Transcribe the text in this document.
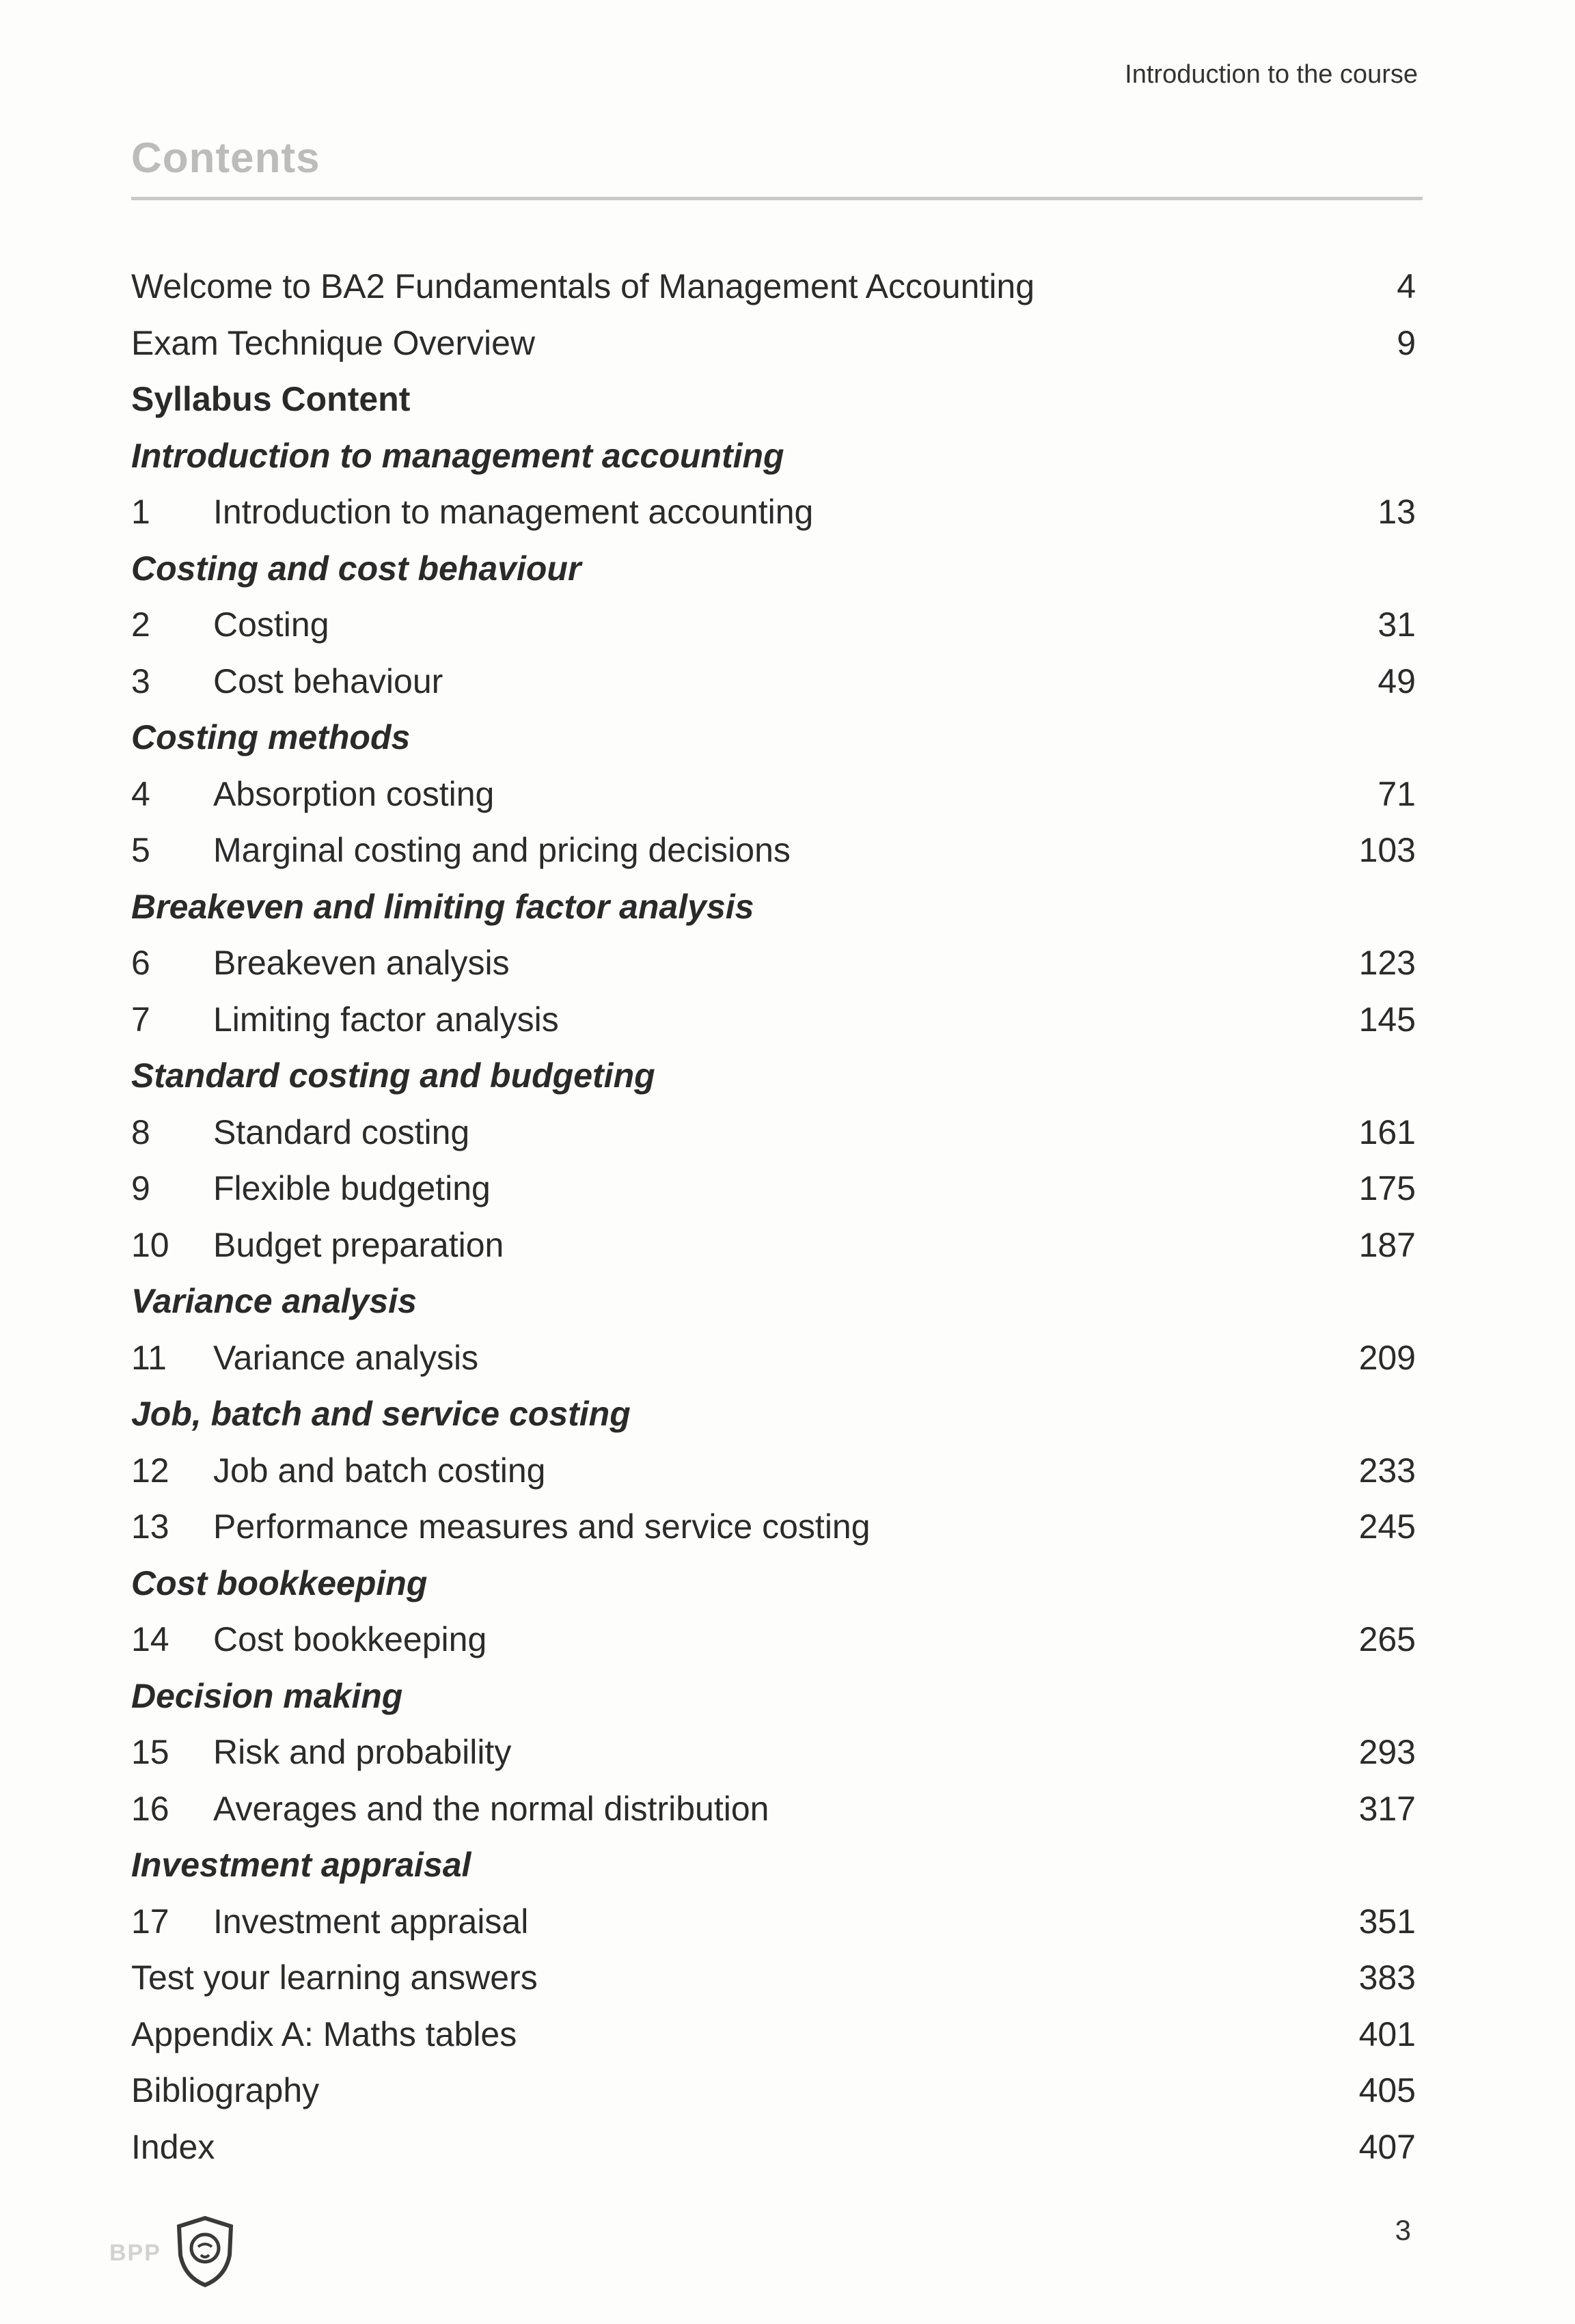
Introduction to the course
Contents
Welcome to BA2 Fundamentals of Management Accounting	4
Exam Technique Overview	9
Syllabus Content
Introduction to management accounting
1	Introduction to management accounting	13
Costing and cost behaviour
2	Costing	31
3	Cost behaviour	49
Costing methods
4	Absorption costing	71
5	Marginal costing and pricing decisions	103
Breakeven and limiting factor analysis
6	Breakeven analysis	123
7	Limiting factor analysis	145
Standard costing and budgeting
8	Standard costing	161
9	Flexible budgeting	175
10	Budget preparation	187
Variance analysis
11	Variance analysis	209
Job, batch and service costing
12	Job and batch costing	233
13	Performance measures and service costing	245
Cost bookkeeping
14	Cost bookkeeping	265
Decision making
15	Risk and probability	293
16	Averages and the normal distribution	317
Investment appraisal
17	Investment appraisal	351
Test your learning answers	383
Appendix A: Maths tables	401
Bibliography	405
Index	407
BPP
3
